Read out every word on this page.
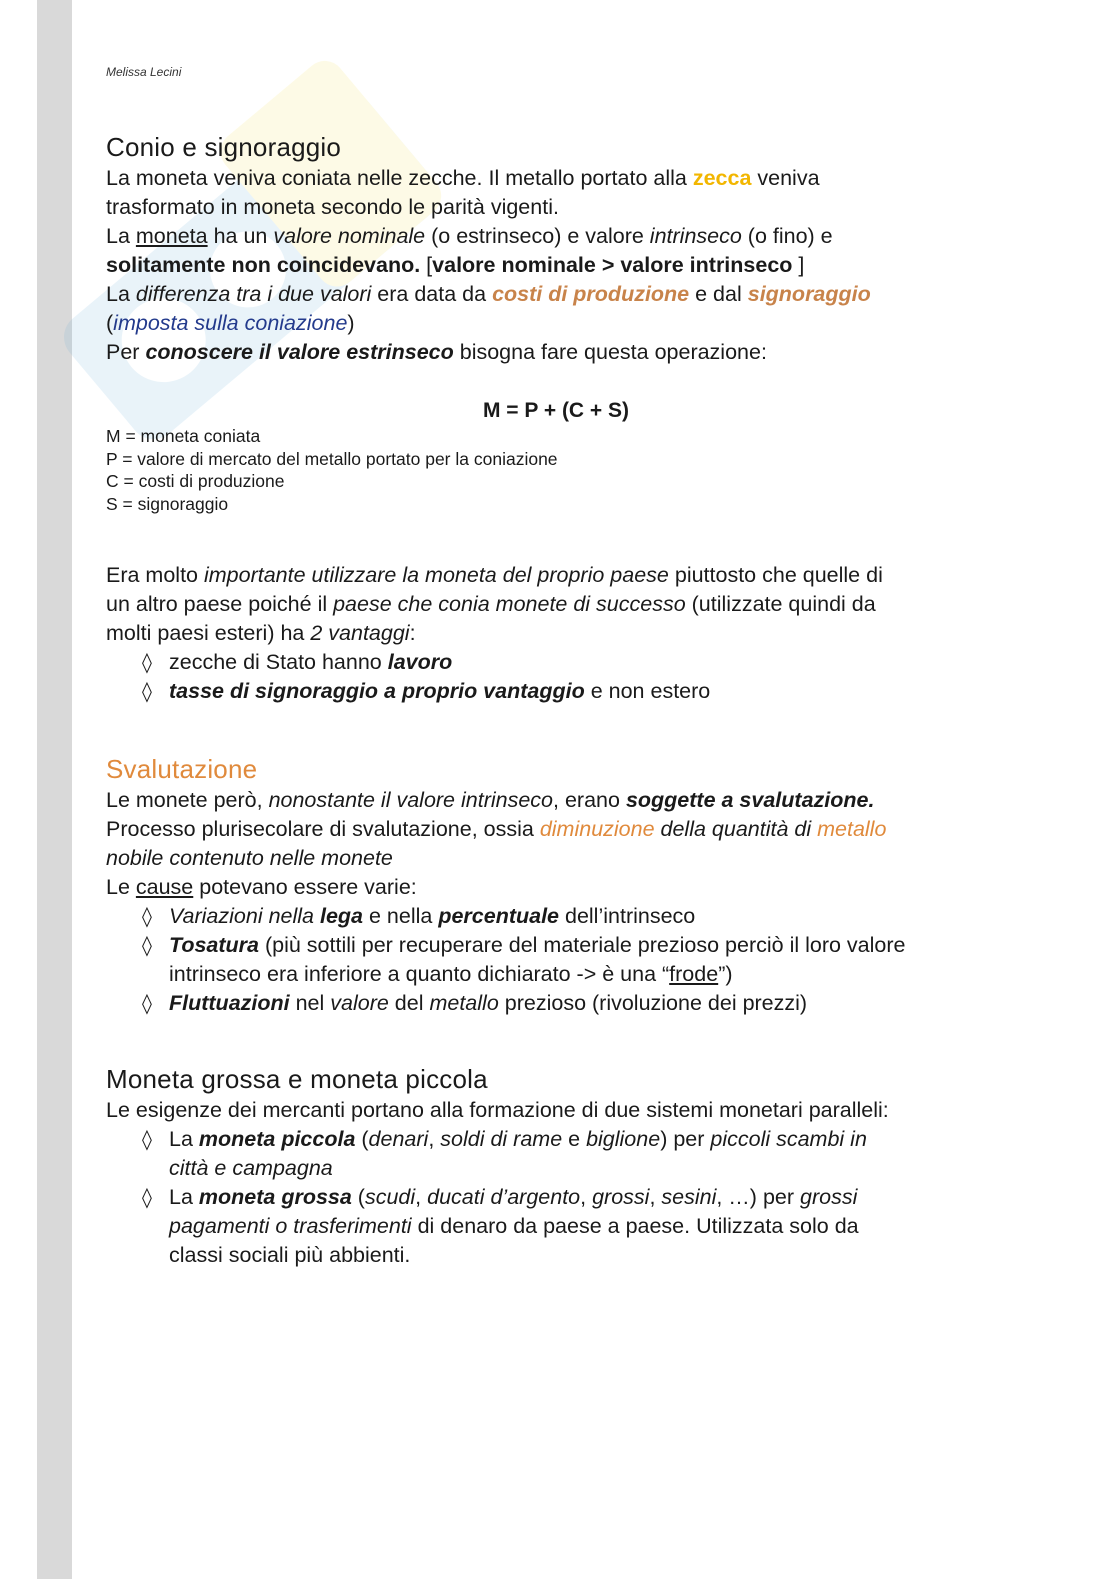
Melissa Lecini
Conio e signoraggio
La moneta veniva coniata nelle zecche. Il metallo portato alla zecca veniva
trasformato in moneta secondo le parità vigenti.
La moneta ha un valore nominale (o estrinseco) e valore intrinseco (o fino) e
solitamente non coincidevano. [valore nominale > valore intrinseco ]
La differenza tra i due valori era data da costi di produzione e dal signoraggio
(imposta sulla coniazione)
Per conoscere il valore estrinseco bisogna fare questa operazione:
M = P + (C + S)
M = moneta coniata
P = valore di mercato del metallo portato per la coniazione
C = costi di produzione
S = signoraggio
Era molto importante utilizzare la moneta del proprio paese piuttosto che quelle di
un altro paese poiché il paese che conia monete di successo (utilizzate quindi da
molti paesi esteri) ha 2 vantaggi:
◊ zecche di Stato hanno lavoro
◊ tasse di signoraggio a proprio vantaggio e non estero
Svalutazione
Le monete però, nonostante il valore intrinseco, erano soggette a svalutazione.
Processo plurisecolare di svalutazione, ossia diminuzione della quantità di metallo
nobile contenuto nelle monete
Le cause potevano essere varie:
◊ Variazioni nella lega e nella percentuale dell’intrinseco
◊ Tosatura (più sottili per recuperare del materiale prezioso perciò il loro valore
intrinseco era inferiore a quanto dichiarato -> è una “frode”)
◊ Fluttuazioni nel valore del metallo prezioso (rivoluzione dei prezzi)
Moneta grossa e moneta piccola
Le esigenze dei mercanti portano alla formazione di due sistemi monetari paralleli:
◊ La moneta piccola (denari, soldi di rame e biglione) per piccoli scambi in
città e campagna
◊ La moneta grossa (scudi, ducati d’argento, grossi, sesini, …) per grossi
pagamenti o trasferimenti di denaro da paese a paese. Utilizzata solo da
classi sociali più abbienti.
